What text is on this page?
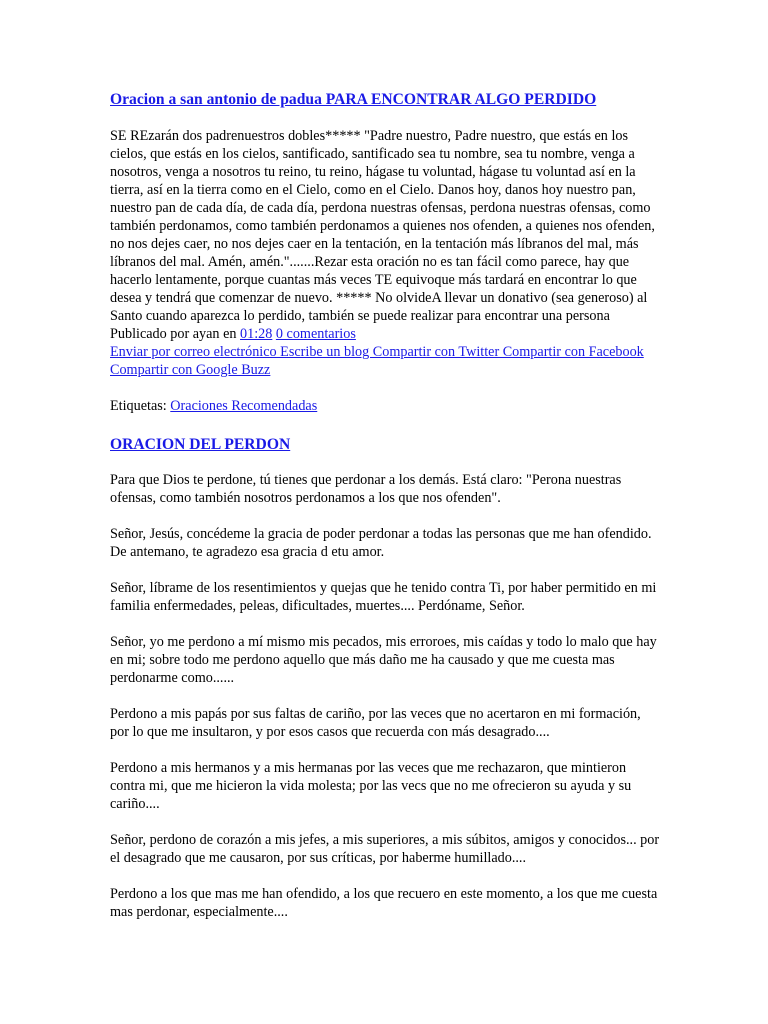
Oracion a san antonio de padua PARA ENCONTRAR ALGO PERDIDO

SE REzarán dos padrenuestros dobles***** "Padre nuestro, Padre nuestro, que estás en los cielos, que estás en los cielos, santificado, santificado sea tu nombre, sea tu nombre, venga a nosotros, venga a nosotros tu reino, tu reino, hágase tu voluntad, hágase tu voluntad así en la tierra, así en la tierra como en el Cielo, como en el Cielo. Danos hoy, danos hoy nuestro pan, nuestro pan de cada día, de cada día, perdona nuestras ofensas, perdona nuestras ofensas, como también perdonamos, como también perdonamos a quienes nos ofenden, a quienes nos ofenden, no nos dejes caer, no nos dejes caer en la tentación, en la tentación más líbranos del mal, más líbranos del mal. Amén, amén.".......Rezar esta oración no es tan fácil como parece, hay que hacerlo lentamente, porque cuantas más veces TE equivoque más tardará en encontrar lo que desea y tendrá que comenzar de nuevo. ***** No olvideA llevar un donativo (sea generoso) al Santo cuando aparezca lo perdido, también se puede realizar para encontrar una persona

Publicado por ayan en 01:28 0 comentarios

Enviar por correo electrónico Escribe un blog Compartir con Twitter Compartir con Facebook Compartir con Google Buzz

Etiquetas: Oraciones Recomendadas

ORACION DEL PERDON

Para que Dios te perdone, tú tienes que perdonar a los demás. Está claro: "Perona nuestras ofensas, como también nosotros perdonamos a los que nos ofenden".

Señor, Jesús, concédeme la gracia de poder perdonar a todas las personas que me han ofendido. De antemano, te agradezo esa gracia d etu amor.

Señor, líbrame de los resentimientos y quejas que he tenido contra Ti, por haber permitido en mi familia enfermedades, peleas, dificultades, muertes.... Perdóname, Señor.

Señor, yo me perdono a mí mismo mis pecados, mis erroroes, mis caídas y todo lo malo que hay en mi; sobre todo me perdono aquello que más daño me ha causado y que me cuesta mas perdonarme como......

Perdono a mis papás por sus faltas de cariño, por las veces que no acertaron en mi formación, por lo que me insultaron, y por esos casos que recuerda con más desagrado....

Perdono a mis hermanos y a mis hermanas por las veces que me rechazaron, que mintieron contra mi, que me hicieron la vida molesta; por las vecs que no me ofrecieron su ayuda y su cariño....

Señor, perdono de corazón a mis jefes, a mis superiores, a mis súbitos, amigos y conocidos... por el desagrado que me causaron, por sus críticas, por haberme humillado....

Perdono a los que mas me han ofendido, a los que recuero en este momento, a los que me cuesta mas perdonar, especialmente....
